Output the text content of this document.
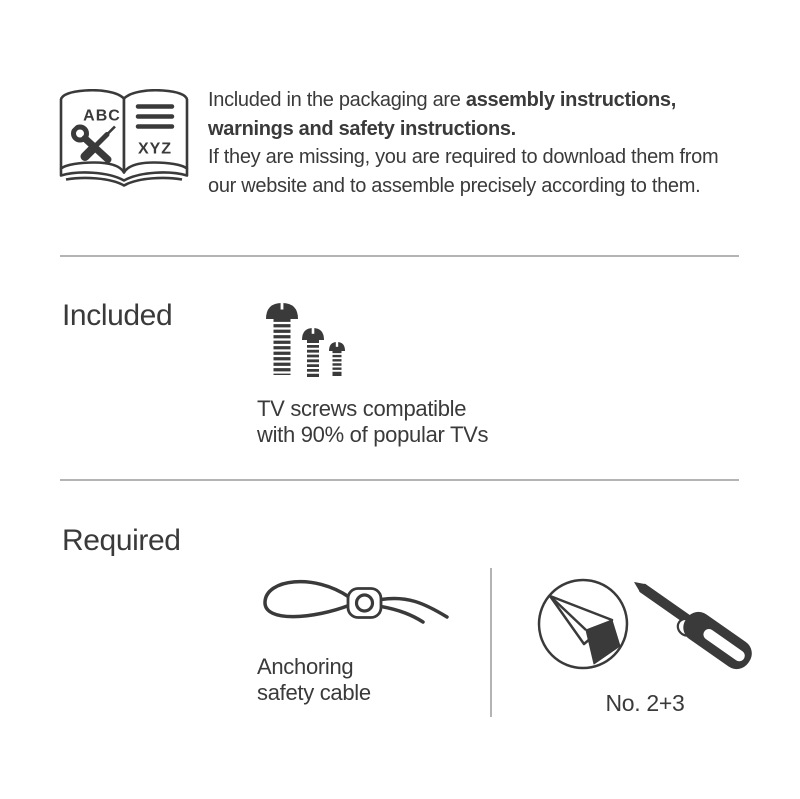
ABC
XYZ
Included in the packaging are assembly instructions,
warnings and safety instructions.
If they are missing, you are required to download them from
our website and to assemble precisely according to them.
Included
TV screws compatible
with 90% of popular TVs
Required
Anchoring
safety cable	No. 2+3
